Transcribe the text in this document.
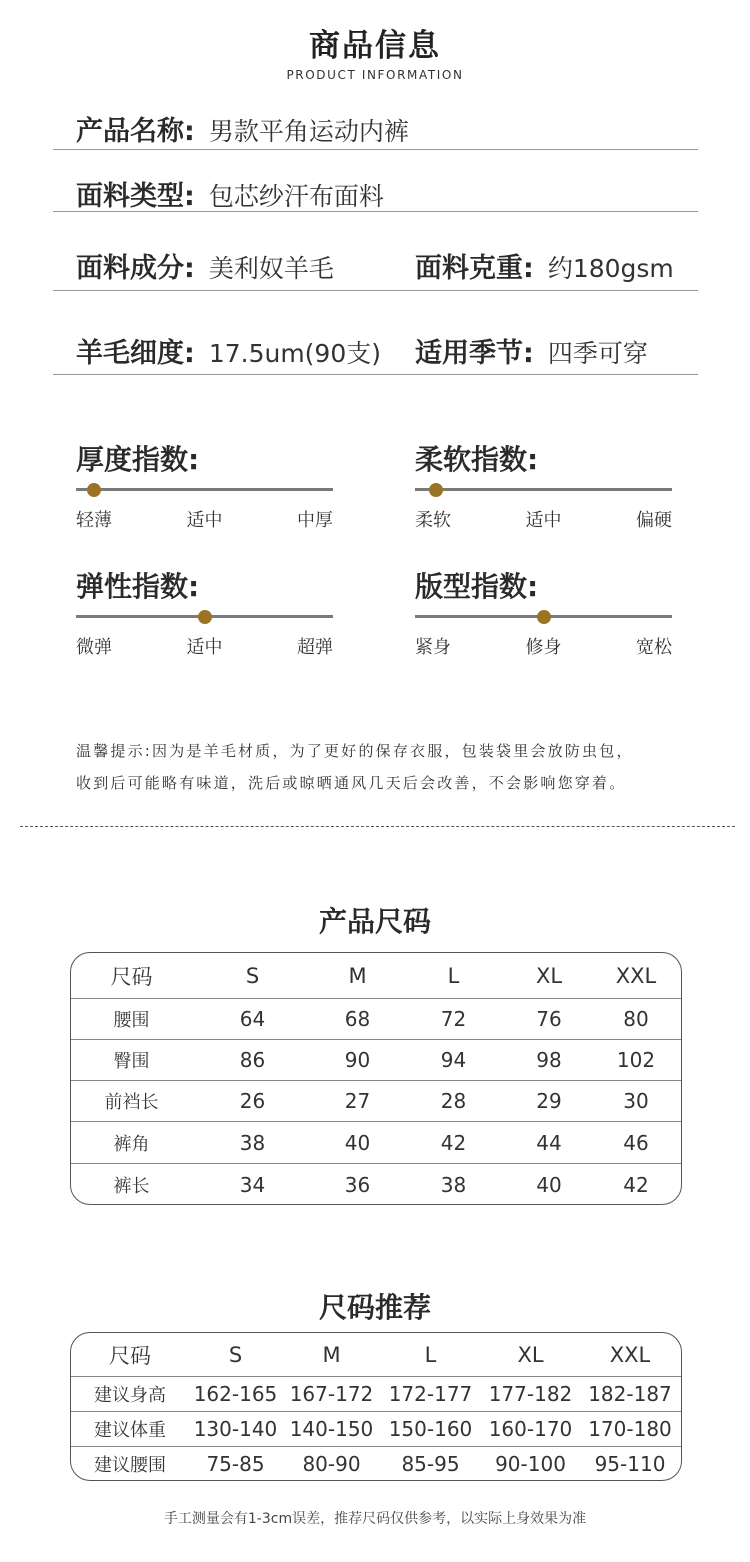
商品信息
PRODUCT INFORMATION
产品名称: 男款平角运动内裤
面料类型: 包芯纱汗布面料
面料成分: 美利奴羊毛	面料克重: 约180gsm
羊毛细度: 17.5um(90支) 适用季节: 四季可穿
厚度指数:
轻薄	适中	中厚
柔软指数:
柔软	适中	偏硬
弹性指数:
微弹	适中	超弹
版型指数:
紧身	修身	宽松
温馨提示:因为是羊毛材质，为了更好的保存衣服，包装袋里会放防虫包，
收到后可能略有味道，洗后或晾晒通风几天后会改善，不会影响您穿着。
产品尺码
尺码	S	M	L	XL	XXL
腰围	64	68	72	76	80
臀围	86	90	94	98	102
前裆长	26	27	28	29	30
裤角	38	40	42	44	46
裤长	34	36	38	40	42
尺码推荐
尺码	S	M	L	XL	XXL
建议身高	162-165 167-172 172-177 177-182 182-187
建议体重	130-140 140-150 150-160 160-170 170-180
建议腰围	75-85	80-90	85-95	90-100	95-110
手工测量会有1-3cm误差，推荐尺码仅供参考，以实际上身效果为准
